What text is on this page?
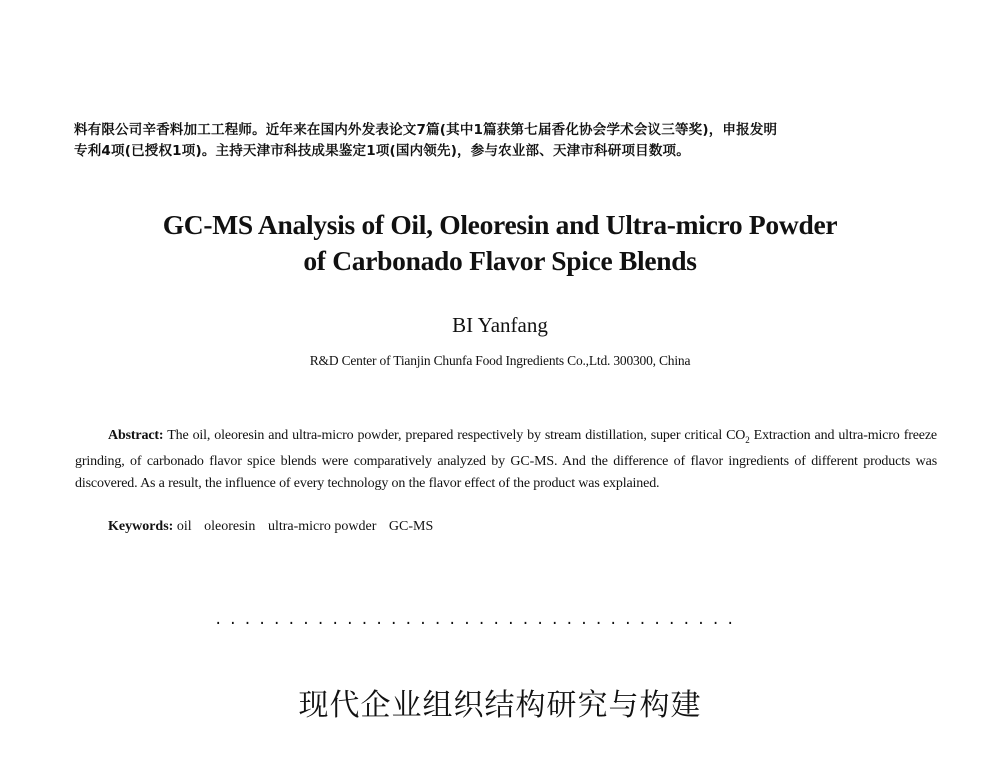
料有限公司辛香料加工工程师。近年来在国内外发表论文7篇(其中1篇获第七届香化协会学术会议三等奖)，申报发明
专利4项(已授权1项)。主持天津市科技成果鉴定1项(国内领先)，参与农业部、天津市科研项目数项。
GC-MS Analysis of Oil, Oleoresin and Ultra-micro Powder
of Carbonado Flavor Spice Blends
BI Yanfang
R&D Center of Tianjin Chunfa Food Ingredients Co.,Ltd. 300300, China
Abstract: The oil, oleoresin and ultra-micro powder, prepared respectively by stream distillation, super critical $CO_2$ Extraction and ultra-micro freeze grinding, of carbonado flavor spice blends were comparatively analyzed by GC-MS. And the difference of flavor ingredients of different products was discovered. As a result, the influence of every technology on the flavor effect of the product was explained.
Keywords: oil oleoresin ultra-micro powder GC-MS
....................................
现代企业组织结构研究与构建
